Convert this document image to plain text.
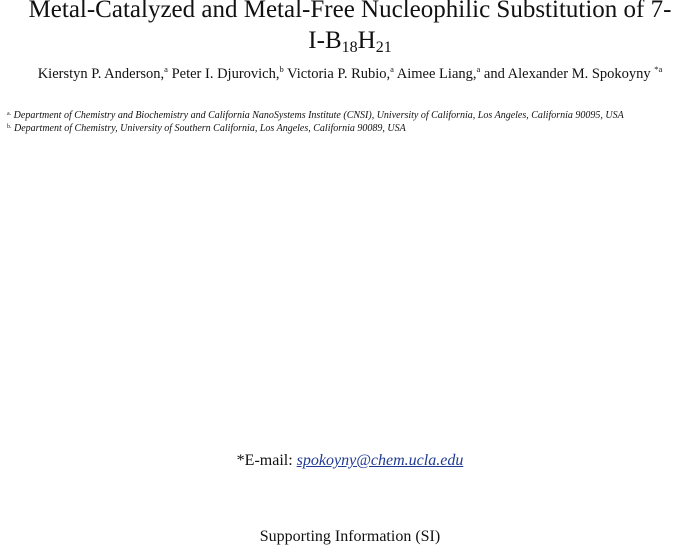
Metal-Catalyzed and Metal-Free Nucleophilic Substitution of 7-
$I-B_{18}H_{21}$
Kierstyn P. Anderson,$^a$ Peter I. Djurovich,$^b$ Victoria P. Rubio,$^a$ Aimee Liang,$^a$ and Alexander M. Spokoyny $^{*a}$
$^{a.}$ Department of Chemistry and Biochemistry and California NanoSystems Institute (CNSI), University of California, Los Angeles, California 90095, USA
$^{b.}$ Department of Chemistry, University of Southern California, Los Angeles, California 90089, USA
*E-mail: spokoyny@chem.ucla.edu
Supporting Information (SI)
